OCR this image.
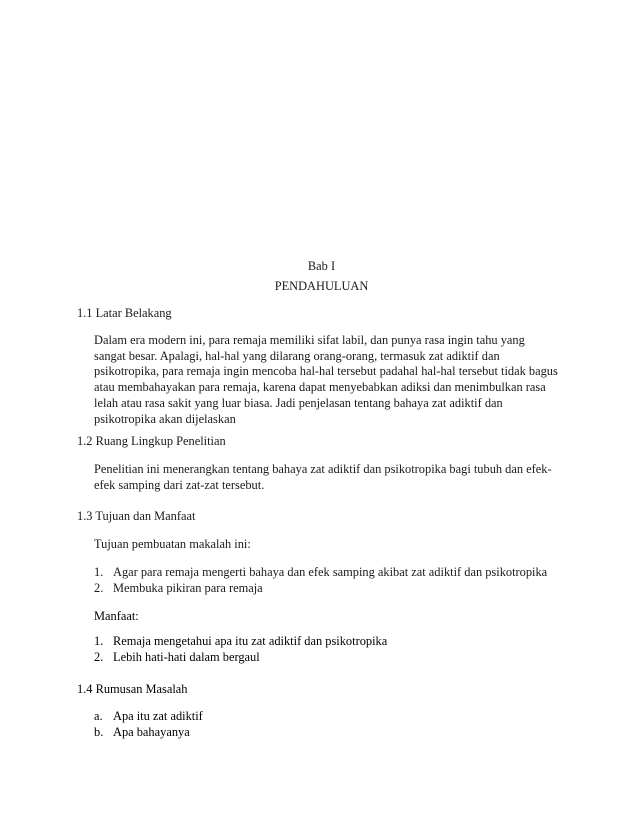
Bab I
PENDAHULUAN
1.1 Latar Belakang
Dalam era modern ini, para remaja memiliki sifat labil, dan punya rasa ingin tahu yang
sangat besar. Apalagi, hal-hal yang dilarang orang-orang, termasuk zat adiktif dan
psikotropika, para remaja ingin mencoba hal-hal tersebut padahal hal-hal tersebut tidak bagus
atau membahayakan para remaja, karena dapat menyebabkan adiksi dan menimbulkan rasa
lelah atau rasa sakit yang luar biasa. Jadi penjelasan tentang bahaya zat adiktif dan
psikotropika akan dijelaskan
1.2 Ruang Lingkup Penelitian
Penelitian ini menerangkan tentang bahaya zat adiktif dan psikotropika bagi tubuh dan efek-
efek samping dari zat-zat tersebut.
1.3 Tujuan dan Manfaat
Tujuan pembuatan makalah ini:
1. Agar para remaja mengerti bahaya dan efek samping akibat zat adiktif dan psikotropika
2. Membuka pikiran para remaja
Manfaat:
1. Remaja mengetahui apa itu zat adiktif dan psikotropika
2. Lebih hati-hati dalam bergaul
1.4 Rumusan Masalah
a. Apa itu zat adiktif
b. Apa bahayanya
